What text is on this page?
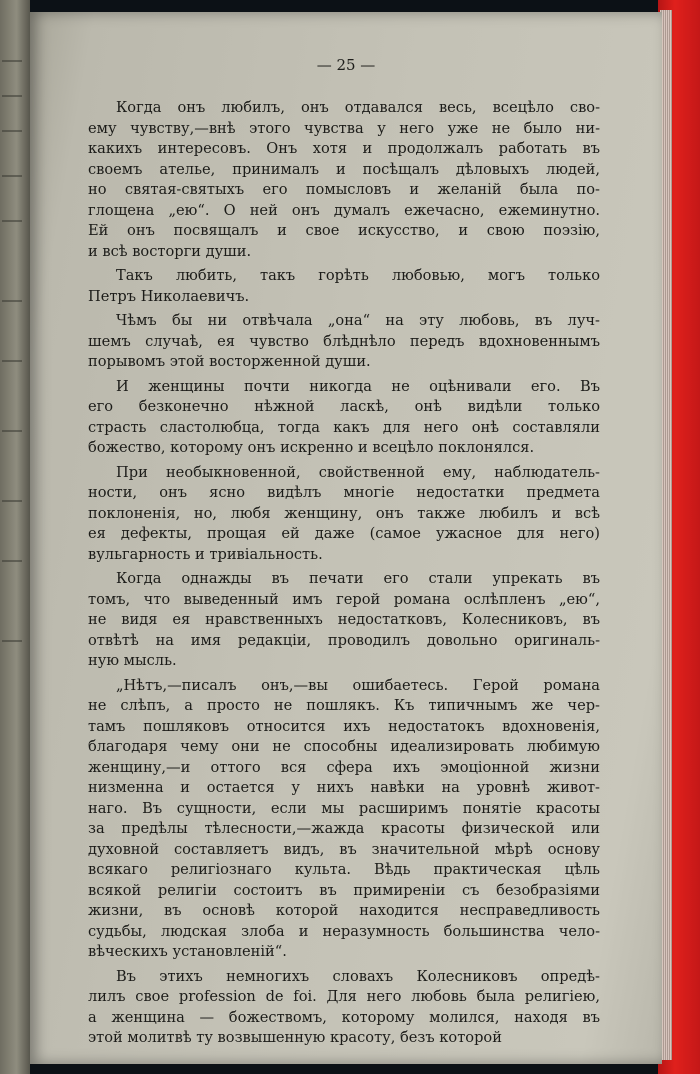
— 25 —
Когда онъ любилъ, онъ отдавался весь, всецѣло сво-
ему чувству,—внѣ этого чувства у него уже не было ни-
какихъ интересовъ. Онъ хотя и продолжалъ работать въ
своемъ ателье, принималъ и посѣщалъ дѣловыхъ людей,
но святая-святыхъ его помысловъ и желаній была по-
глощена „ею“. О ней онъ думалъ ежечасно, ежеминутно.
Ей онъ посвящалъ и свое искусство, и свою поэзію,
и всѣ восторги души.
Такъ любить, такъ горѣть любовью, могъ только
Петръ Николаевичъ.
Чѣмъ бы ни отвѣчала „она“ на эту любовь, въ луч-
шемъ случаѣ, ея чувство блѣднѣло передъ вдохновеннымъ
порывомъ этой восторженной души.
И женщины почти никогда не оцѣнивали его. Въ
его безконечно нѣжной ласкѣ, онѣ видѣли только
страсть сластолюбца, тогда какъ для него онѣ составляли
божество, которому онъ искренно и всецѣло поклонялся.
При необыкновенной, свойственной ему, наблюдатель-
ности, онъ ясно видѣлъ многіе недостатки предмета
поклоненія, но, любя женщину, онъ также любилъ и всѣ
ея дефекты, прощая ей даже (самое ужасное для него)
вульгарность и тривіальность.
Когда однажды въ печати его стали упрекать въ
томъ, что выведенный имъ герой романа ослѣпленъ „ею“,
не видя ея нравственныхъ недостатковъ, Колесниковъ, въ
отвѣтѣ на имя редакціи, проводилъ довольно оригиналь-
ную мысль.
„Нѣтъ,—писалъ онъ,—вы ошибаетесь. Герой романа
не слѣпъ, а просто не пошлякъ. Къ типичнымъ же чер-
тамъ пошляковъ относится ихъ недостатокъ вдохновенія,
благодаря чему они не способны идеализировать любимую
женщину,—и оттого вся сфера ихъ эмоціонной жизни
низменна и остается у нихъ нaвѣки на уровнѣ живот-
наго. Въ сущности, если мы расширимъ понятіе красоты
за предѣлы тѣлесности,—жажда красоты физической или
духовной составляетъ видъ, въ значительной мѣрѣ основу
всякаго религіознаго культа. Вѣдь практическая цѣль
всякой религіи состоитъ въ примиреніи съ безобразіями
жизни, въ основѣ которой находится несправедливость
судьбы, людская злоба и неразумность большинства чело-
вѣческихъ установленій“.
Въ этихъ немногихъ словахъ Колесниковъ опредѣ-
лилъ свое profession de foi. Для него любовь была религіею,
а женщина — божествомъ, которому молился, находя въ
этой молитвѣ ту возвышенную красоту, безъ которой
